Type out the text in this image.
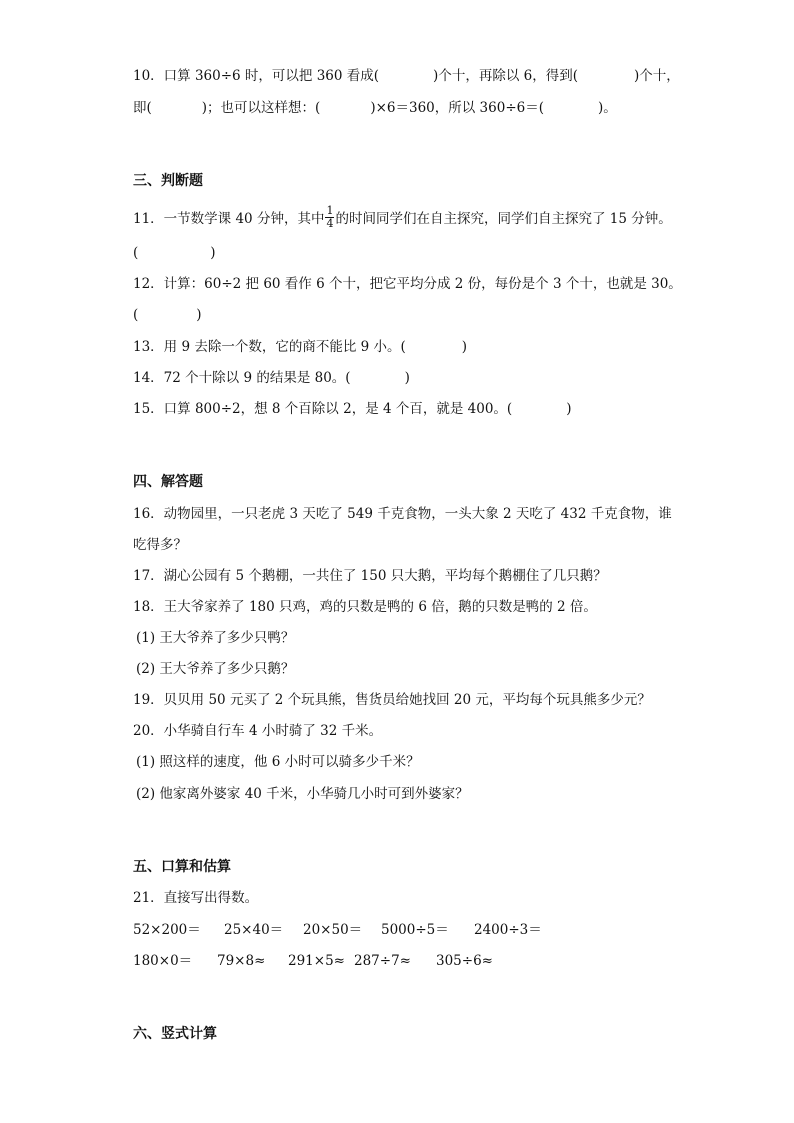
10．口算 360÷6 时，可以把 360 看成(	)个十，再除以 6，得到(	)个十，
即(	)；也可以这样想：(	)×6＝360，所以 360÷6＝(	)。
三、判断题
11．一节数学课 40 分钟，其中 $\frac{1}{4}$ 的时间同学们在自主探究，同学们自主探究了 15 分钟。
(	)
12．计算：60÷2 把 60 看作 6 个十，把它平均分成 2 份，每份是个 3 个十，也就是 30。
(	)
13．用 9 去除一个数，它的商不能比 9 小。(	)
14．72 个十除以 9 的结果是 80。(	)
15．口算 800÷2，想 8 个百除以 2，是 4 个百，就是 400。(	)
四、解答题
16．动物园里，一只老虎 3 天吃了 549 千克食物，一头大象 2 天吃了 432 千克食物，谁
吃得多？
17．湖心公园有 5 个鹅棚，一共住了 150 只大鹅，平均每个鹅棚住了几只鹅？
18．王大爷家养了 180 只鸡，鸡的只数是鸭的 6 倍，鹅的只数是鸭的 2 倍。
(1) 王大爷养了多少只鸭？
(2) 王大爷养了多少只鹅？
19．贝贝用 50 元买了 2 个玩具熊，售货员给她找回 20 元，平均每个玩具熊多少元？
20．小华骑自行车 4 小时骑了 32 千米。
(1) 照这样的速度，他 6 小时可以骑多少千米？
(2) 他家离外婆家 40 千米，小华骑几小时可到外婆家？
五、口算和估算
21．直接写出得数。
52×200＝ 25×40＝ 20×50＝ 5000÷5＝ 2400÷3＝
180×0＝ 79×8≈ 291×5≈ 287÷7≈ 305÷6≈
六、竖式计算
